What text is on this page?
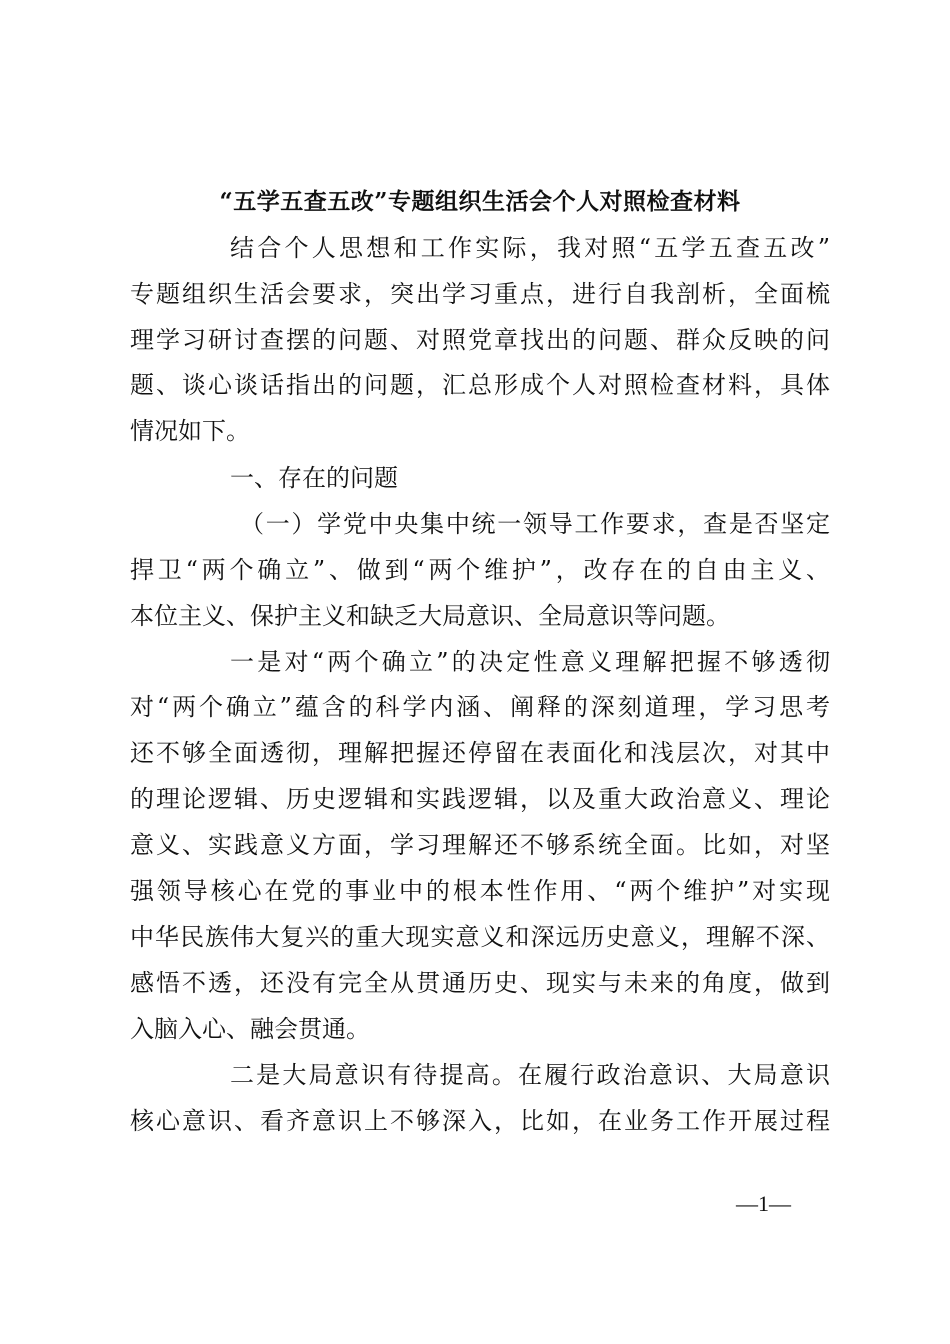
“五学五查五改”专题组织生活会个人对照检查材料
结合个人思想和工作实际，我对照“五学五查五改”
专题组织生活会要求，突出学习重点，进行自我剖析，全面梳
理学习研讨查摆的问题、对照党章找出的问题、群众反映的问
题、谈心谈话指出的问题，汇总形成个人对照检查材料，具体
情况如下。
一、存在的问题
（一）学党中央集中统一领导工作要求，查是否坚定
捍卫“两个确立”、做到“两个维护”，改存在的自由主义、
本位主义、保护主义和缺乏大局意识、全局意识等问题。
一是对“两个确立”的决定性意义理解把握不够透彻
对“两个确立”蕴含的科学内涵、阐释的深刻道理，学习思考
还不够全面透彻，理解把握还停留在表面化和浅层次，对其中
的理论逻辑、历史逻辑和实践逻辑，以及重大政治意义、理论
意义、实践意义方面，学习理解还不够系统全面。比如，对坚
强领导核心在党的事业中的根本性作用、“两个维护”对实现
中华民族伟大复兴的重大现实意义和深远历史意义，理解不深、
感悟不透，还没有完全从贯通历史、现实与未来的角度，做到
入脑入心、融会贯通。
二是大局意识有待提高。在履行政治意识、大局意识
核心意识、看齐意识上不够深入，比如，在业务工作开展过程
—1—
